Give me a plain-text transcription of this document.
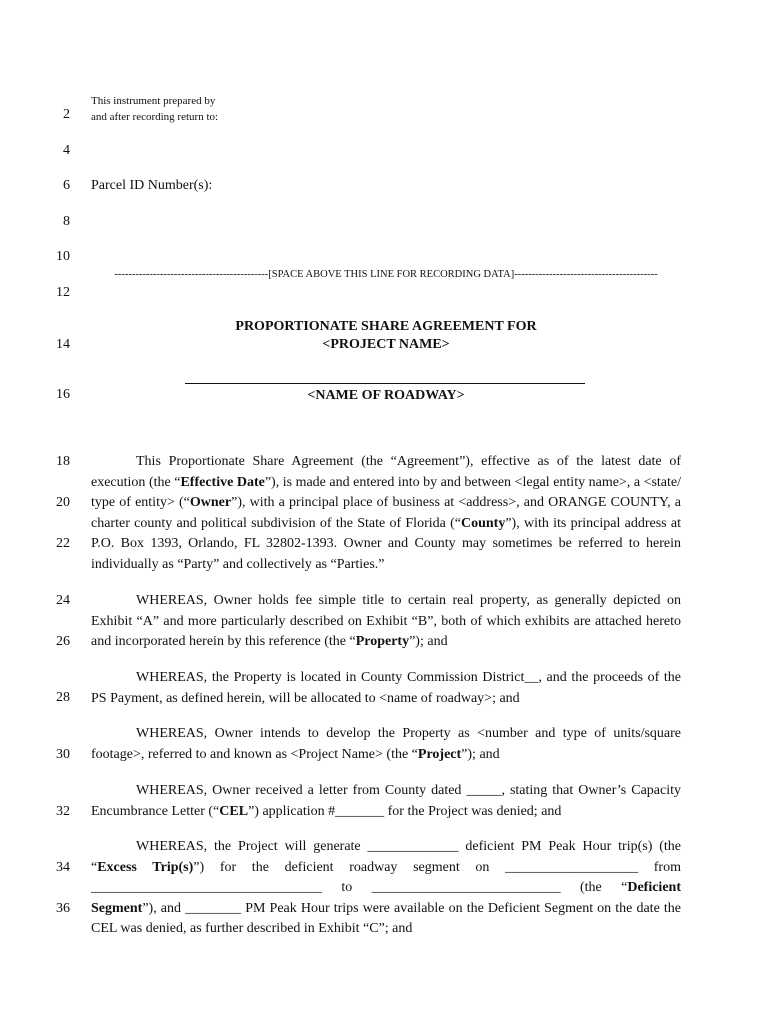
2
4
6
8
10
12
14
16
18
20
22
24
26
28
30
32
34
36
This instrument prepared by
and after recording return to:
Parcel ID Number(s):
--------------------------------------------[SPACE ABOVE THIS LINE FOR RECORDING DATA]-----------------------------------------
PROPORTIONATE SHARE AGREEMENT FOR
<PROJECT NAME>
<NAME OF ROADWAY>

This Proportionate Share Agreement (the “Agreement”), effective as of the latest date of execution (the “Effective Date”), is made and entered into by and between <legal entity name>, a <state/ type of entity> (“Owner”), with a principal place of business at <address>, and ORANGE COUNTY, a charter county and political subdivision of the State of Florida (“County”), with its principal address at P.O. Box 1393, Orlando, FL 32802-1393. Owner and County may sometimes be referred to herein individually as “Party” and collectively as “Parties.”

WHEREAS, Owner holds fee simple title to certain real property, as generally depicted on Exhibit “A” and more particularly described on Exhibit “B”, both of which exhibits are attached hereto and incorporated herein by this reference (the “Property”); and

WHEREAS, the Property is located in County Commission District__, and the proceeds of the PS Payment, as defined herein, will be allocated to <name of roadway>; and

WHEREAS, Owner intends to develop the Property as <number and type of units/square footage>, referred to and known as <Project Name> (the “Project”); and

WHEREAS, Owner received a letter from County dated _____, stating that Owner’s Capacity Encumbrance Letter (“CEL”) application #_______ for the Project was denied; and

WHEREAS, the Project will generate _____________ deficient PM Peak Hour trip(s) (the “Excess Trip(s)”) for the deficient roadway segment on ___________________ from _________________________________ to ___________________________ (the “Deficient Segment”), and ________ PM Peak Hour trips were available on the Deficient Segment on the date the CEL was denied, as further described in Exhibit “C”; and
